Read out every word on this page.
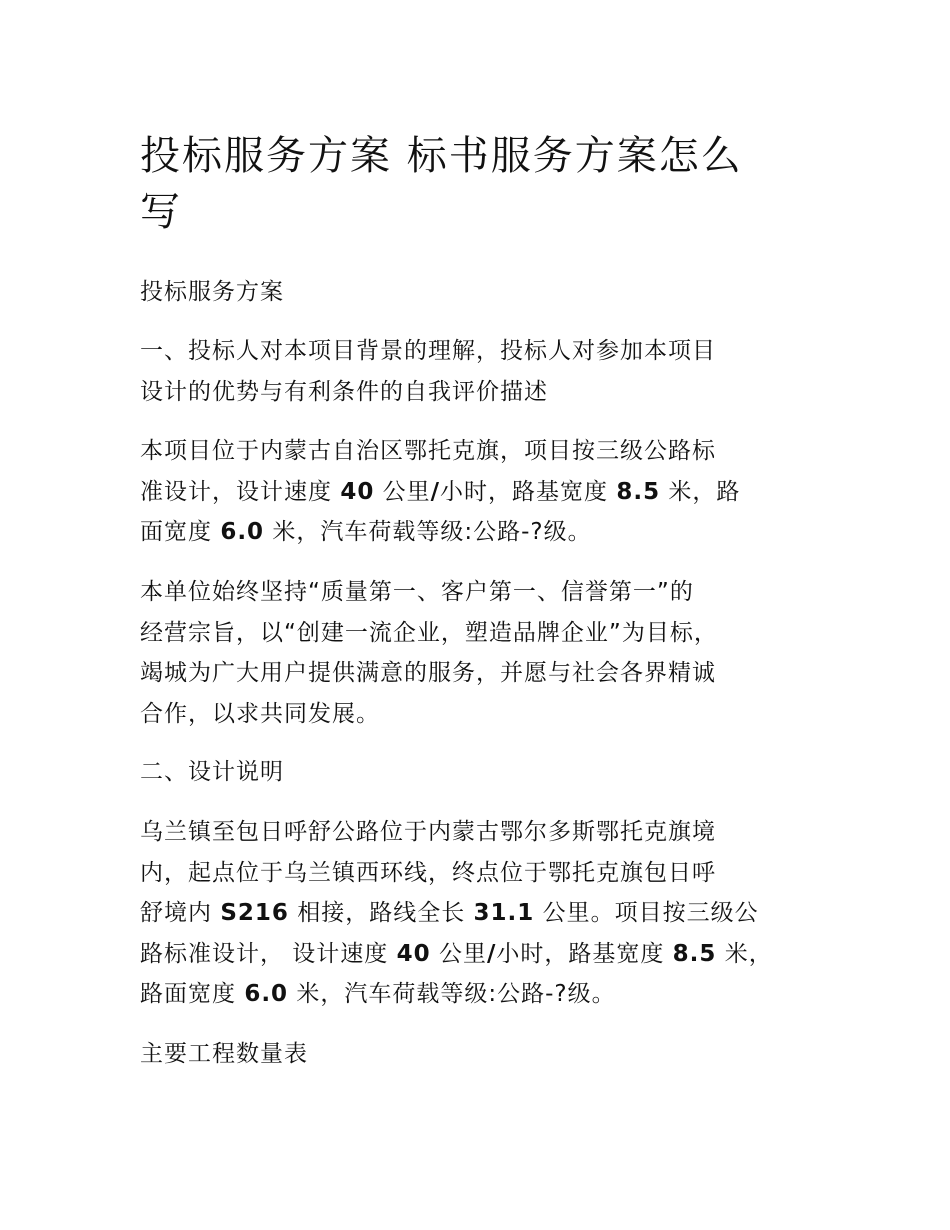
投标服务方案 标书服务方案怎么
写

投标服务方案

一、投标人对本项目背景的理解，投标人对参加本项目
设计的优势与有利条件的自我评价描述

本项目位于内蒙古自治区鄂托克旗，项目按三级公路标
准设计，设计速度 40 公里/小时，路基宽度 8.5 米，路
面宽度 6.0 米，汽车荷载等级:公路-?级。

本单位始终坚持“质量第一、客户第一、信誉第一”的
经营宗旨，以“创建一流企业，塑造品牌企业”为目标，
竭城为广大用户提供满意的服务，并愿与社会各界精诚
合作，以求共同发展。

二、设计说明

乌兰镇至包日呼舒公路位于内蒙古鄂尔多斯鄂托克旗境
内，起点位于乌兰镇西环线，终点位于鄂托克旗包日呼
舒境内 S216 相接，路线全长 31.1 公里。项目按三级公
路标准设计， 设计速度 40 公里/小时，路基宽度 8.5 米，
路面宽度 6.0 米，汽车荷载等级:公路-?级。

主要工程数量表
